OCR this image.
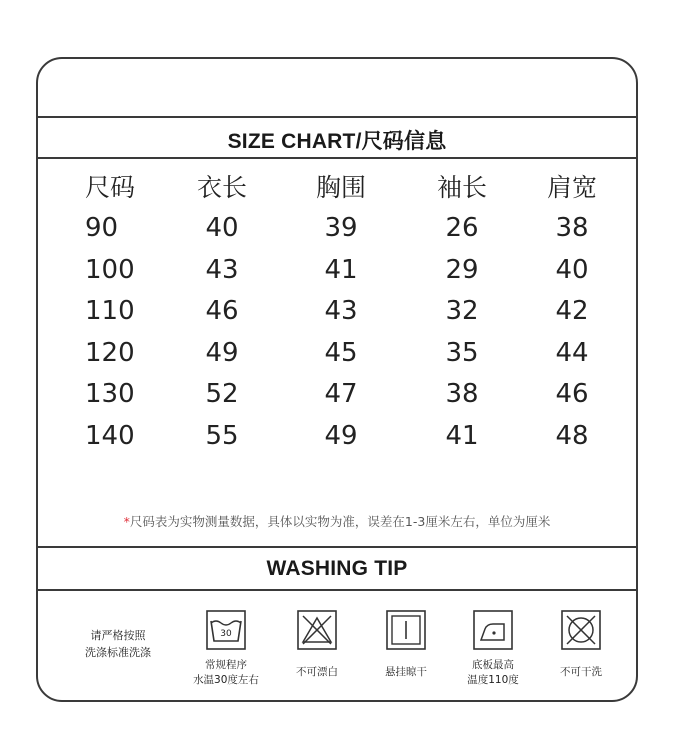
SIZE CHART/尺码信息
尺码	衣长	胸围	袖长	肩宽
90	40	39	26	38
100	43	41	29	40
110	46	43	32	42
120	49	45	35	44
130	52	47	38	46
140	55	49	41	48
*尺码表为实物测量数据，具体以实物为准，误差在1-3厘米左右，单位为厘米
WASHING TIP
请严格按照
洗涤标准洗涤
30
常规程序
水温30度左右
不可漂白	悬挂晾干
底板最高
温度110度
不可干洗
